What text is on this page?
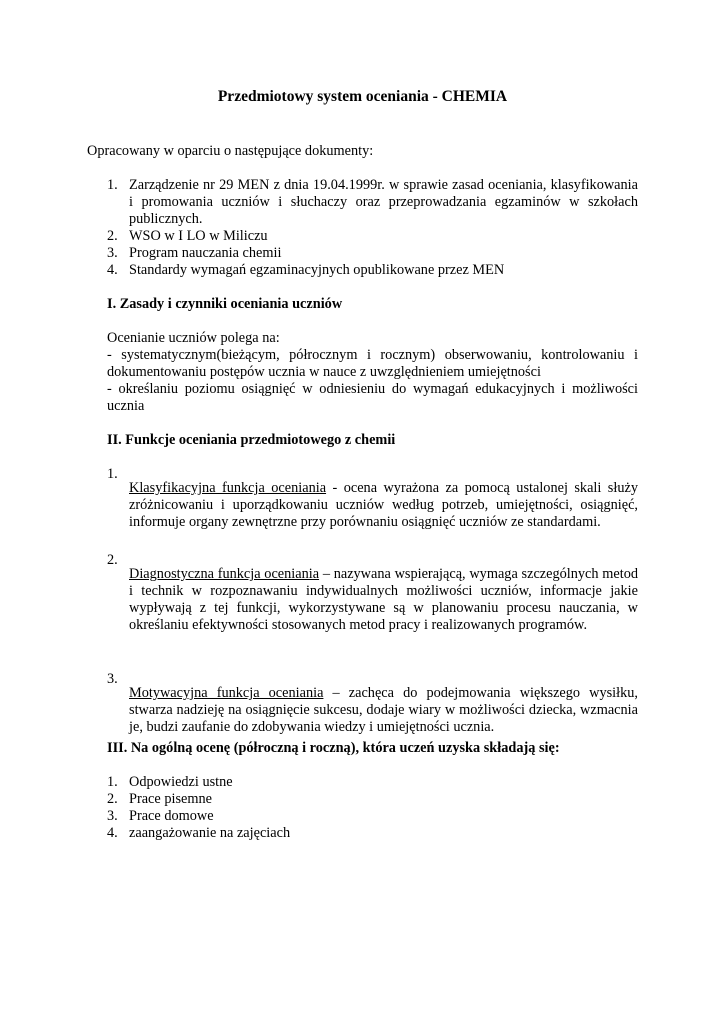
Przedmiotowy system oceniania - CHEMIA

Opracowany w oparciu o następujące dokumenty:

1. Zarządzenie nr 29 MEN z dnia 19.04.1999r. w sprawie zasad oceniania, klasyfikowania i promowania uczniów i słuchaczy oraz przeprowadzania egzaminów w szkołach publicznych.
2. WSO w I LO w Miliczu
3. Program nauczania chemii
4. Standardy wymagań egzaminacyjnych opublikowane przez MEN

I. Zasady i czynniki oceniania uczniów

Ocenianie uczniów polega na:

- systematycznym(bieżącym, półrocznym i rocznym) obserwowaniu, kontrolowaniu i dokumentowaniu postępów ucznia w nauce z uwzględnieniem umiejętności

- określaniu poziomu osiągnięć w odniesieniu do wymagań edukacyjnych i możliwości ucznia

II. Funkcje oceniania przedmiotowego z chemii

1.

Klasyfikacyjna funkcja oceniania - ocena wyrażona za pomocą ustalonej skali służy zróżnicowaniu i uporządkowaniu uczniów według potrzeb, umiejętności, osiągnięć, informuje organy zewnętrzne przy porównaniu osiągnięć uczniów ze standardami.

2.

Diagnostyczna funkcja oceniania – nazywana wspierającą, wymaga szczególnych metod i technik w rozpoznawaniu indywidualnych możliwości uczniów, informacje jakie wypływają z tej funkcji, wykorzystywane są w planowaniu procesu nauczania, w określaniu efektywności stosowanych metod pracy i realizowanych programów.

3.

Motywacyjna funkcja oceniania – zachęca do podejmowania większego wysiłku, stwarza nadzieję na osiągnięcie sukcesu, dodaje wiary w możliwości dziecka, wzmacnia je, budzi zaufanie do zdobywania wiedzy i umiejętności ucznia.

III. Na ogólną ocenę (półroczną i roczną), która uczeń uzyska składają się:

1. Odpowiedzi ustne
2. Prace pisemne
3. Prace domowe
4. zaangażowanie na zajęciach
